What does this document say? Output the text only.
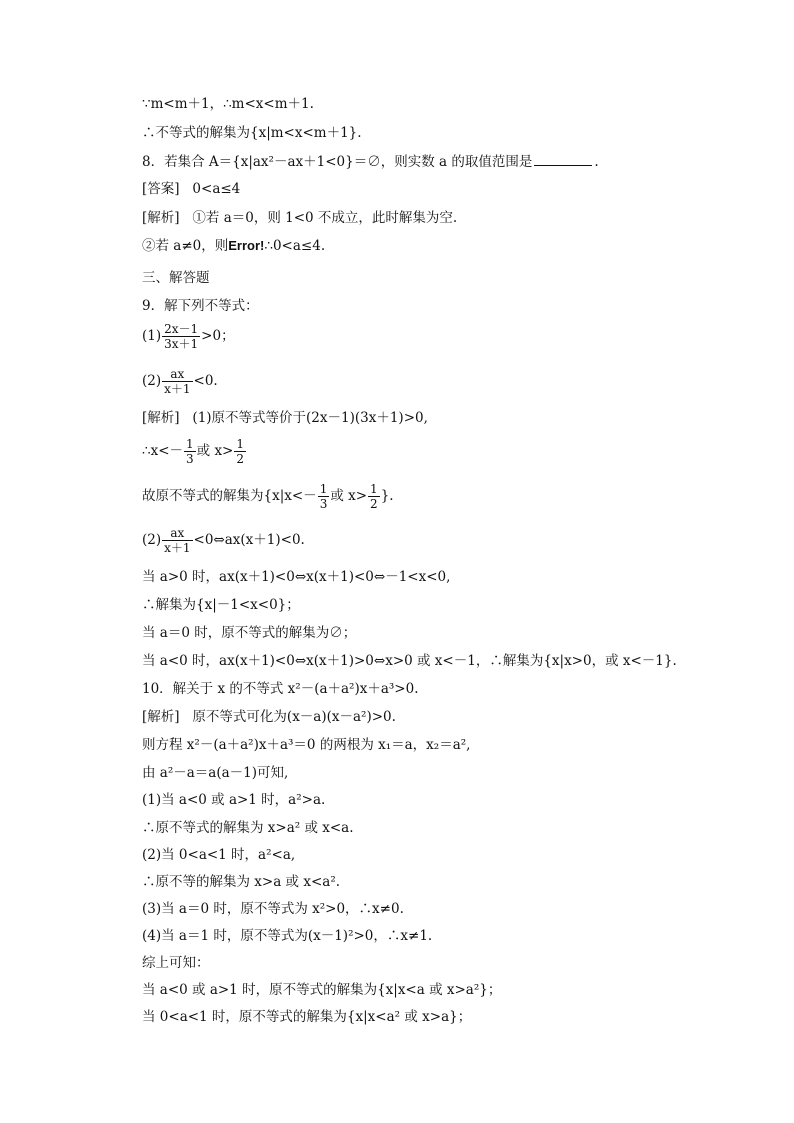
∵m<m＋1，∴m<x<m＋1.
∴不等式的解集为{x|m<x<m＋1}.
8．若集合 A＝{x|ax²－ax＋1<0}＝∅，则实数 a 的取值范围是	.
[答案] 0<a≤4
[解析] ①若 a＝0，则 1<0 不成立，此时解集为空.
②若 a≠0，则Error!∴0<a≤4.
三、解答题
9．解下列不等式：
$(1) \frac{2x-1}{3x+1} >0$；
$(2) \frac{ax}{x+1} <0$.
[解析] (1)原不等式等价于(2x－1)(3x＋1)>0,
∴x<－ $\frac{1}{3}$ 或 $x> \frac{1}{2}$
故原不等式的解集为{$x|x<- \frac{1}{3}$ 或 $x> \frac{1}{2}$ }.
$(2) \frac{ax}{x+1}$ <0⇔ax(x＋1)<0.
当 a>0 时，ax(x＋1)<0⇔x(x＋1)<0⇔－1<x<0,
∴解集为{x|－1<x<0}；
当 a＝0 时，原不等式的解集为∅；
当 a<0 时，ax(x＋1)<0⇔x(x＋1)>0⇔x>0 或 x<－1，∴解集为{x|x>0，或 x<－1}.
10．解关于 x 的不等式 x²－(a＋a²)x＋a³>0.
[解析] 原不等式可化为(x－a)(x－a²)>0.
则方程 x²－(a＋a²)x＋a³＝0 的两根为 x₁＝a，x₂＝a²,
由 a²－a＝a(a－1)可知,
(1)当 a<0 或 a>1 时，a²>a.
∴原不等式的解集为 x>a² 或 x<a.
(2)当 0<a<1 时，a²<a,
∴原不等的解集为 x>a 或 x<a².
(3)当 a＝0 时，原不等式为 x²>0，∴x≠0.
(4)当 a＝1 时，原不等式为(x－1)²>0，∴x≠1.
综上可知：
当 a<0 或 a>1 时，原不等式的解集为{x|x<a 或 x>a²}；
当 0<a<1 时，原不等式的解集为{x|x<a² 或 x>a}；
